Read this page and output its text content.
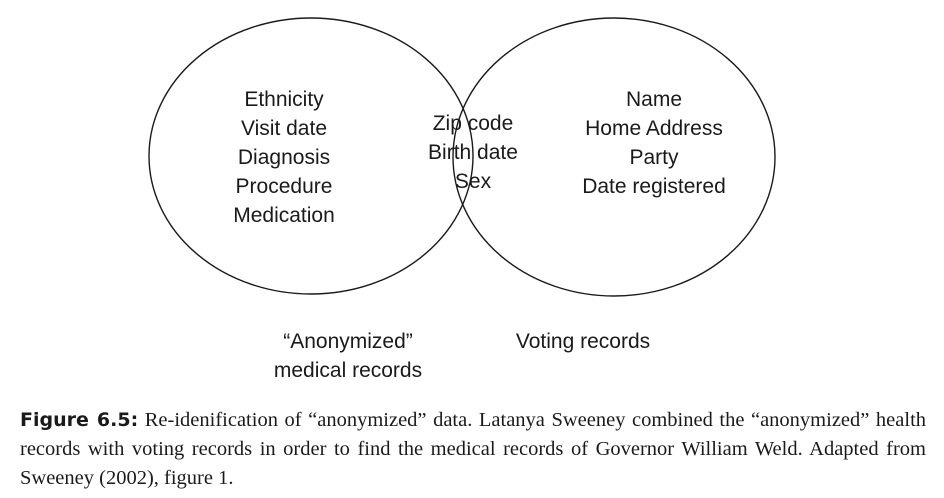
Ethnicity
Visit date
Diagnosis
Procedure
Medication
Zip code
Birth date
Sex
Name
Home Address
Party
Date registered
“Anonymized”
medical records
Voting records
Figure 6.5: Re-idenification of “anonymized” data. Latanya Sweeney combined the “anonymized” health records with voting records in order to find the medical records of Governor William Weld. Adapted from Sweeney (2002), figure 1.
